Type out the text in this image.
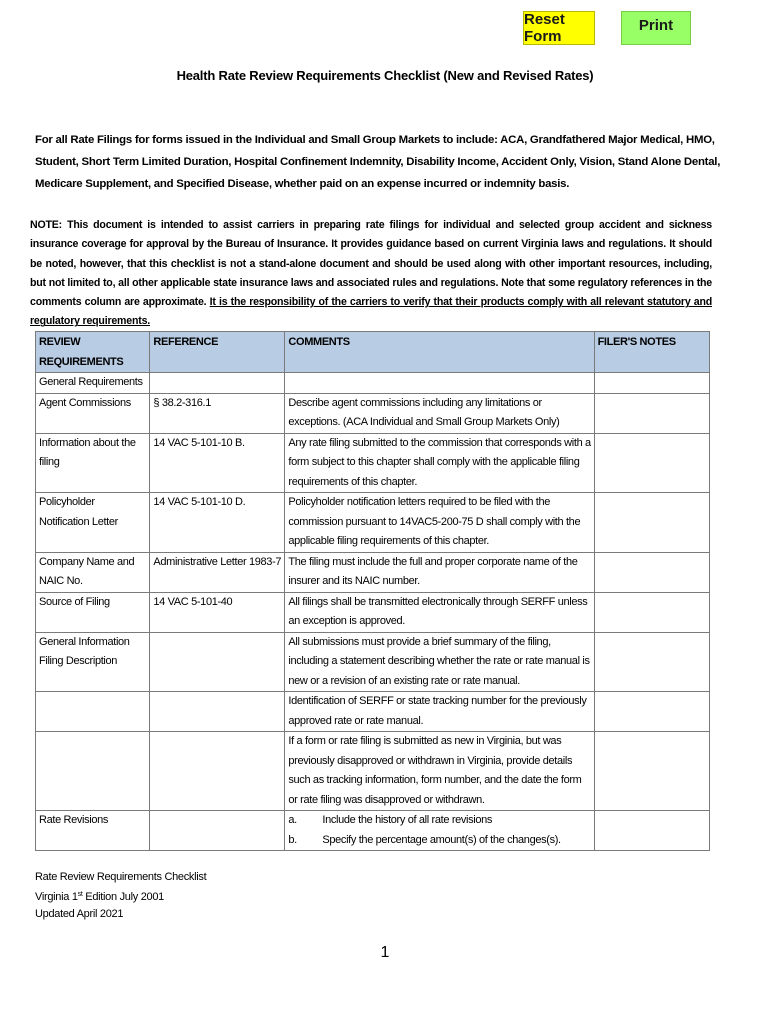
Reset Form
Print
Health Rate Review Requirements Checklist (New and Revised Rates)
For all Rate Filings for forms issued in the Individual and Small Group Markets to include: ACA, Grandfathered Major Medical, HMO, Student, Short Term Limited Duration, Hospital Confinement Indemnity, Disability Income, Accident Only, Vision, Stand Alone Dental, Medicare Supplement, and Specified Disease, whether paid on an expense incurred or indemnity basis.
NOTE: This document is intended to assist carriers in preparing rate filings for individual and selected group accident and sickness insurance coverage for approval by the Bureau of Insurance. It provides guidance based on current Virginia laws and regulations. It should be noted, however, that this checklist is not a stand-alone document and should be used along with other important resources, including, but not limited to, all other applicable state insurance laws and associated rules and regulations. Note that some regulatory references in the comments column are approximate. It is the responsibility of the carriers to verify that their products comply with all relevant statutory and regulatory requirements.
REVIEW REQUIREMENTS	REFERENCE	COMMENTS	FILER'S NOTES
General Requirements			
Agent Commissions	§ 38.2-316.1	Describe agent commissions including any limitations or exceptions. (ACA Individual and Small Group Markets Only)	
Information about the filing	14 VAC 5-101-10 B.	Any rate filing submitted to the commission that corresponds with a form subject to this chapter shall comply with the applicable filing requirements of this chapter.	
Policyholder Notification Letter	14 VAC 5-101-10 D.	Policyholder notification letters required to be filed with the commission pursuant to 14VAC5-200-75 D shall comply with the applicable filing requirements of this chapter.	
Company Name and NAIC No.	Administrative Letter 1983-7	The filing must include the full and proper corporate name of the insurer and its NAIC number.	
Source of Filing	14 VAC 5-101-40	All filings shall be transmitted electronically through SERFF unless an exception is approved.	
General Information Filing Description		All submissions must provide a brief summary of the filing, including a statement describing whether the rate or rate manual is new or a revision of an existing rate or rate manual.	
		Identification of SERFF or state tracking number for the previously approved rate or rate manual.	
		If a form or rate filing is submitted as new in Virginia, but was previously disapproved or withdrawn in Virginia, provide details such as tracking information, form number, and the date the form or rate filing was disapproved or withdrawn.	
Rate Revisions		a. Include the history of all rate revisions
b. Specify the percentage amount(s) of the changes(s).	

Rate Review Requirements Checklist
Virginia 1st Edition July 2001
Updated April 2021
1
